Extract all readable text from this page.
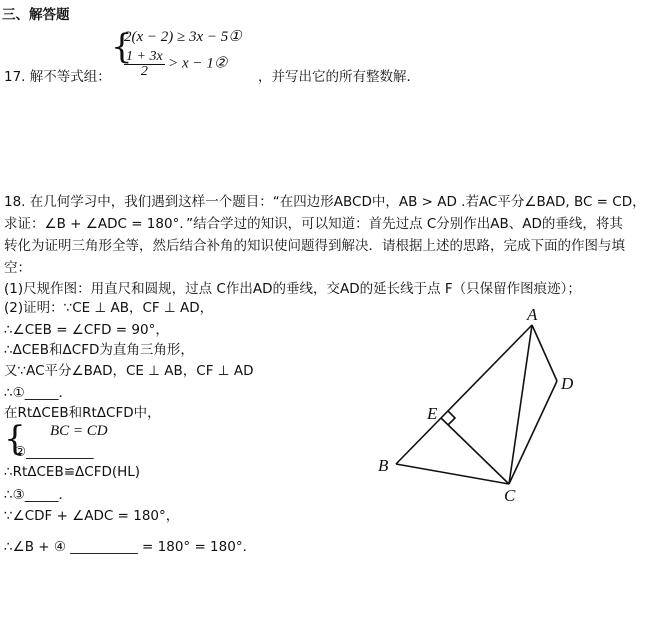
三、解答题
17. 解不等式组：
{
2(x − 2) ≥ 3x − 5①
$\frac{1 + 3x}{2} > x$ − 1②
，并写出它的所有整数解．
18. 在几何学习中，我们遇到这样一个题目：“在四边形ABCD中，AB > AD .若AC平分∠BAD, BC = CD，
求证：∠B + ∠ADC = 180°．”结合学过的知识，可以知道：首先过点 C分别作出AB、AD的垂线，将其
转化为证明三角形全等，然后结合补角的知识使问题得到解决．请根据上述的思路，完成下面的作图与填
空：
(1)尺规作图：用直尺和圆规，过点 C作出AD的垂线，交AD的延长线于点 F（只保留作图痕迹）；
(2)证明：∵CE ⊥ AB，CF ⊥ AD，
∴∠CEB = ∠CFD = 90°，
∴ΔCEB和ΔCFD为直角三角形，
又∵AC平分∠BAD，CE ⊥ AB，CF ⊥ AD
∴①_____．
在RtΔCEB和RtΔCFD中，
{ BC = CD
②__________
∴RtΔCEB≌ΔCFD(HL)
∴③_____．
∵∠CDF + ∠ADC = 180°，
∴∠B + ④ __________ = 180° = 180°．
A
B
C
D
E
